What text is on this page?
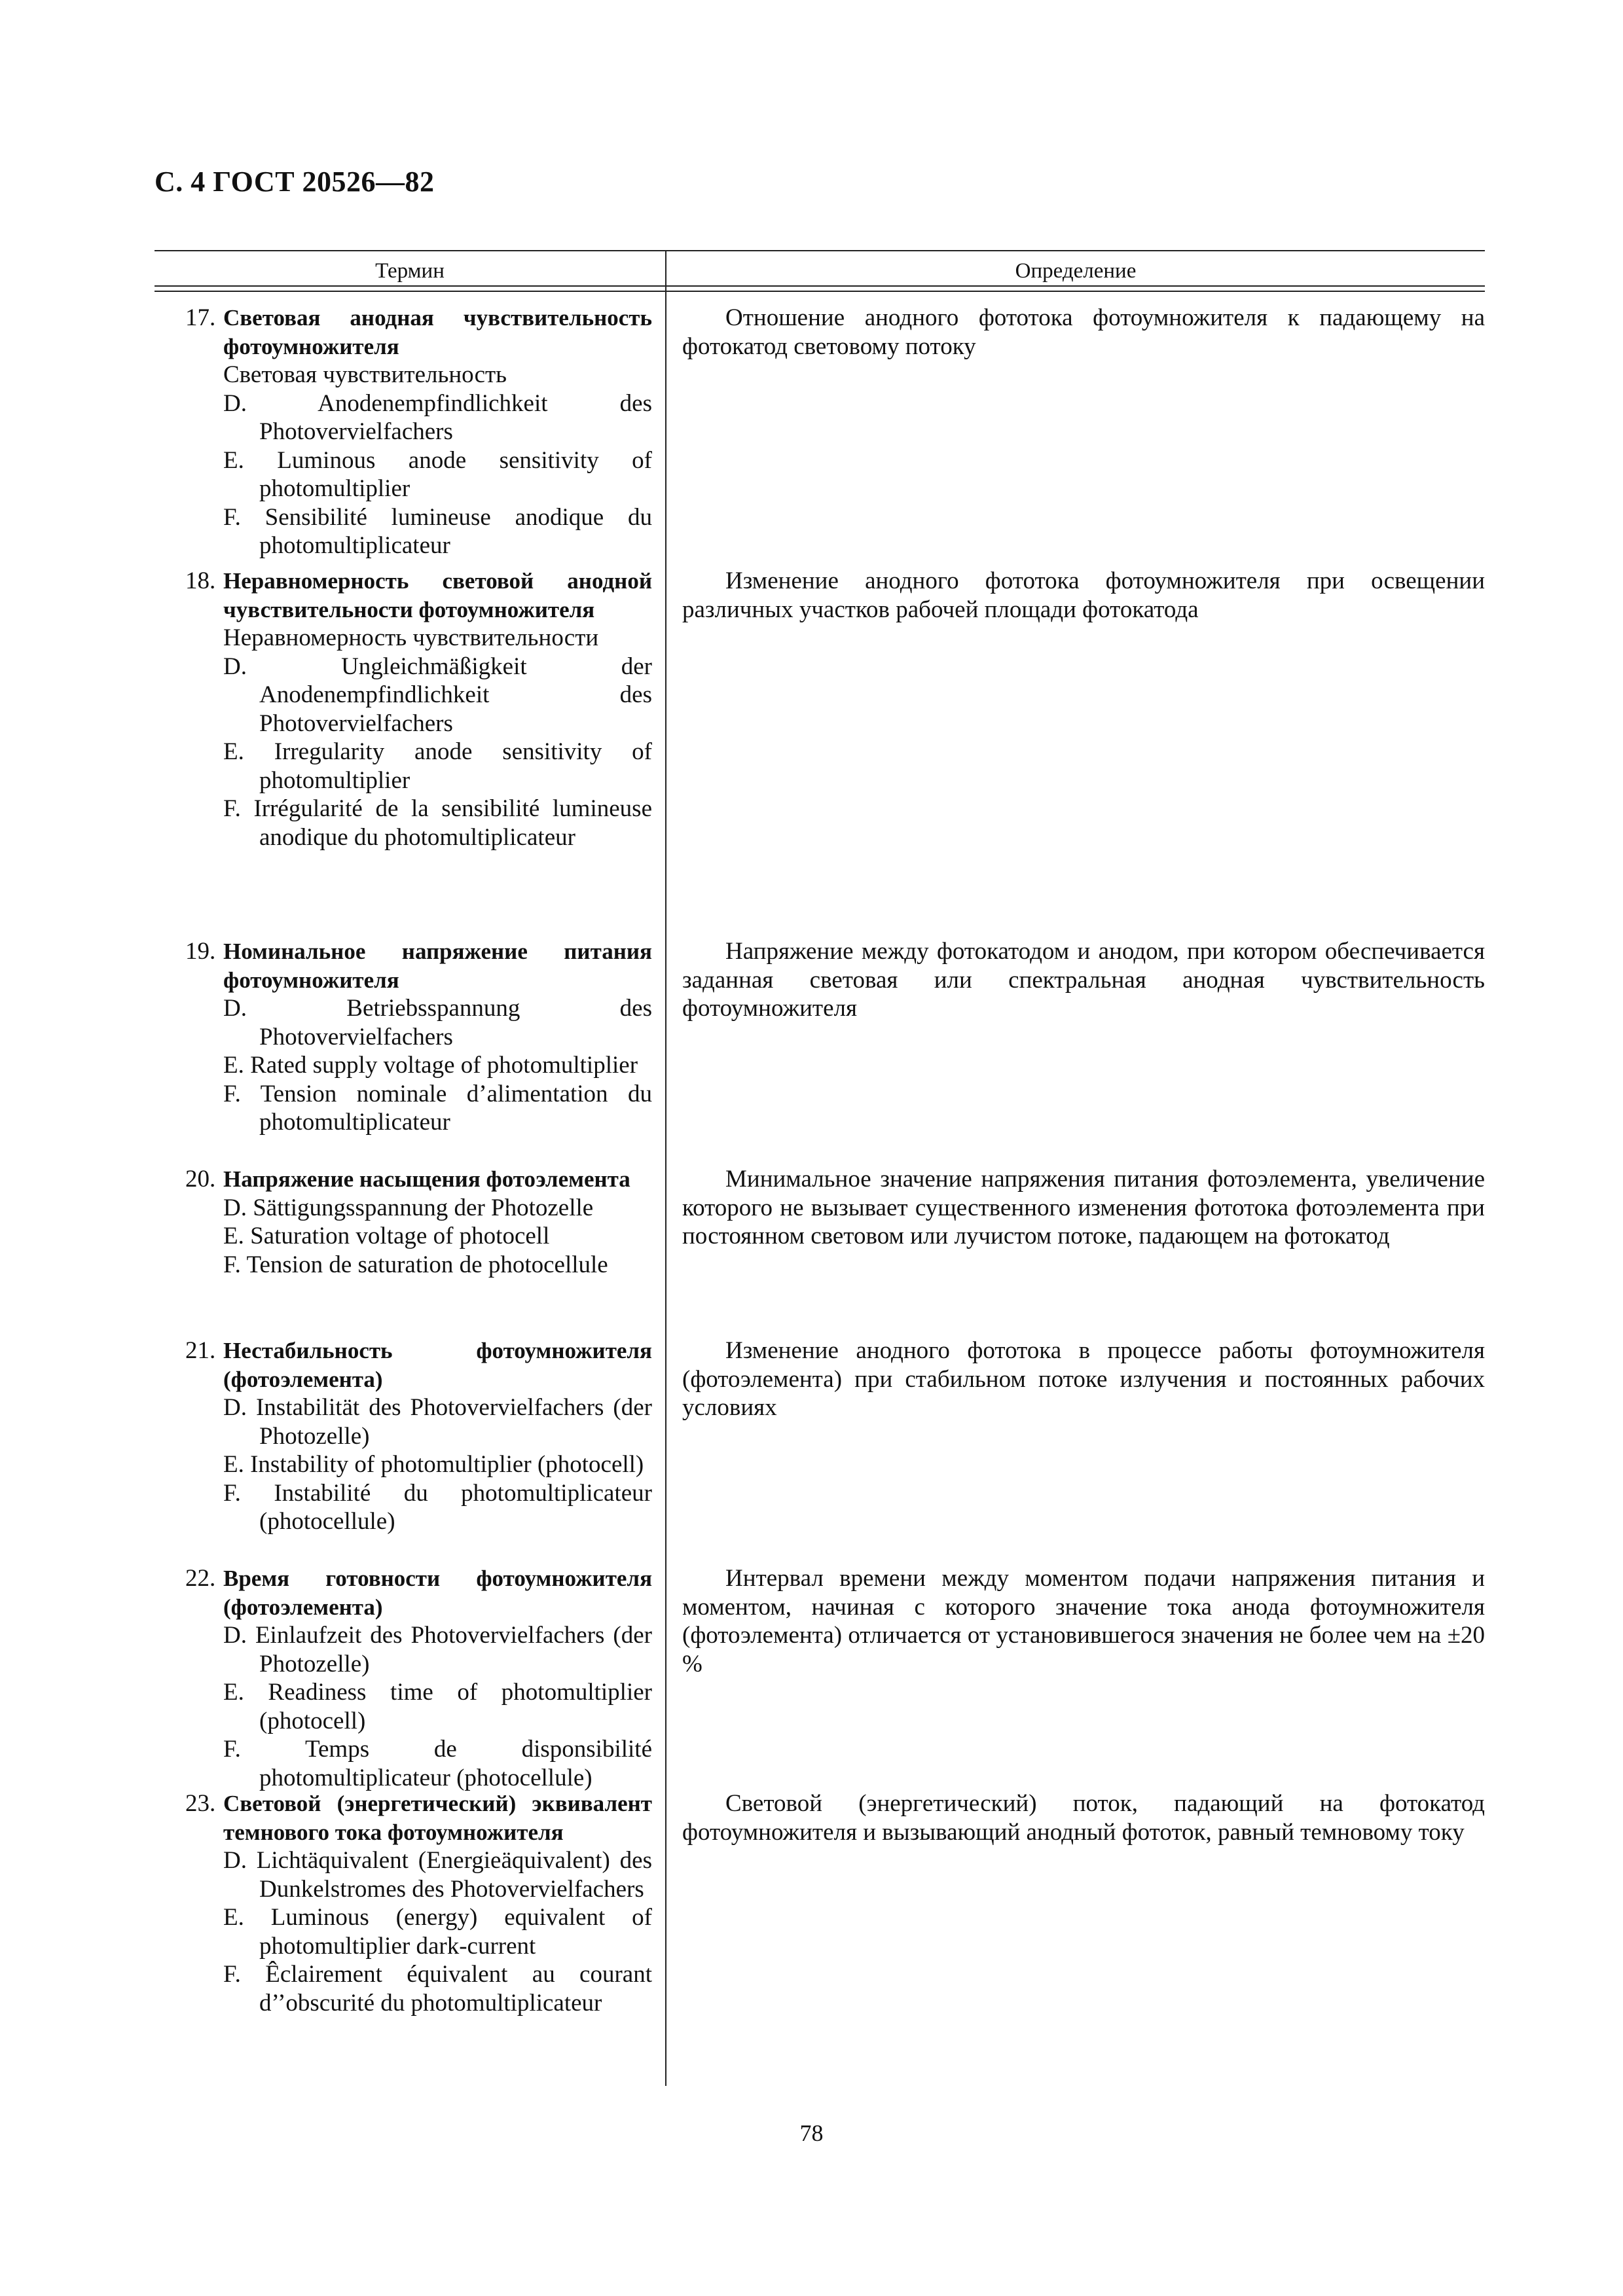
С. 4 ГОСТ 20526—82
Термин	Определение
17. Световая анодная чувствительность фотоумножителя
Световая чувствительность
D. Anodenempfindlichkeit des Photovervielfachers
E. Luminous anode sensitivity of photomultiplier
F. Sensibilité lumineuse anodique du photomultiplicateur
Отношение анодного фототока фотоумножителя к падающему на фотокатод световому потоку
18. Неравномерность световой анодной чувствительности фотоумножителя
Неравномерность чувствительности
D. Ungleichmäßigkeit der Anodenempfindlichkeit des Photovervielfachers
E. Irregularity anode sensitivity of photomultiplier
F. Irrégularité de la sensibilité lumineuse anodique du photomultiplicateur
Изменение анодного фототока фотоумножителя при освещении различных участков рабочей площади фотокатода
19. Номинальное напряжение питания фотоумножителя
D. Betriebsspannung des Photovervielfachers
E. Rated supply voltage of photomultiplier
F. Tension nominale d’alimentation du photomultiplicateur
Напряжение между фотокатодом и анодом, при котором обеспечивается заданная световая или спектральная анодная чувствительность фотоумножителя
20. Напряжение насыщения фотоэлемента
D. Sättigungsspannung der Photozelle
E. Saturation voltage of photocell
F. Tension de saturation de photocellule
Минимальное значение напряжения питания фотоэлемента, увеличение которого не вызывает существенного изменения фототока фотоэлемента при постоянном световом или лучистом потоке, падающем на фотокатод
21. Нестабильность фотоумножителя (фотоэлемента)
D. Instabilität des Photovervielfachers (der Photozelle)
E. Instability of photomultiplier (photocell)
F. Instabilité du photomultiplicateur (photocellule)
Изменение анодного фототока в процессе работы фотоумножителя (фотоэлемента) при стабильном потоке излучения и постоянных рабочих условиях
22. Время готовности фотоумножителя (фотоэлемента)
D. Einlaufzeit des Photovervielfachers (der Photozelle)
E. Readiness time of photomultiplier (photocell)
F. Temps de disponsibilité photomultiplicateur (photocellule)
Интервал времени между моментом подачи напряжения питания и моментом, начиная с которого значение тока анода фотоумножителя (фотоэлемента) отличается от установившегося значения не более чем на ±20 %
23. Световой (энергетический) эквивалент темнового тока фотоумножителя
D. Lichtäquivalent (Energieäquivalent) des Dunkelstromes des Photovervielfachers
E. Luminous (energy) equivalent of photomultiplier dark-current
F. Êclairement équivalent au courant d’’obscurité du photomultiplicateur
Световой (энергетический) поток, падающий на фотокатод фотоумножителя и вызывающий анодный фототок, равный темновому току
78
